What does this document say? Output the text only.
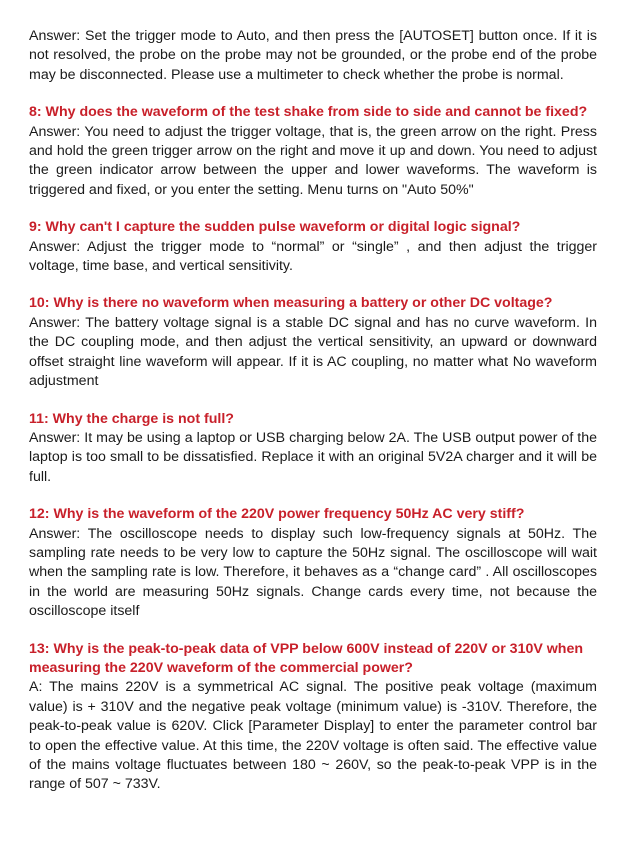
Answer: Set the trigger mode to Auto, and then press the [AUTOSET] button once. If it is not resolved, the probe on the probe may not be grounded, or the probe end of the probe may be disconnected. Please use a multimeter to check whether the probe is normal.

8: Why does the waveform of the test shake from side to side and cannot be fixed?

Answer: You need to adjust the trigger voltage, that is, the green arrow on the right. Press and hold the green trigger arrow on the right and move it up and down. You need to adjust the green indicator arrow between the upper and lower waveforms. The waveform is triggered and fixed, or you enter the setting. Menu turns on "Auto 50%"

9: Why can't I capture the sudden pulse waveform or digital logic signal?

Answer: Adjust the trigger mode to “normal” or “single” , and then adjust the trigger voltage, time base, and vertical sensitivity.

10: Why is there no waveform when measuring a battery or other DC voltage?

Answer: The battery voltage signal is a stable DC signal and has no curve waveform. In the DC coupling mode, and then adjust the vertical sensitivity, an upward or downward offset straight line waveform will appear. If it is AC coupling, no matter what No waveform adjustment

11: Why the charge is not full?

Answer: It may be using a laptop or USB charging below 2A. The USB output power of the laptop is too small to be dissatisfied. Replace it with an original 5V2A charger and it will be full.

12: Why is the waveform of the 220V power frequency 50Hz AC very stiff?

Answer: The oscilloscope needs to display such low-frequency signals at 50Hz. The sampling rate needs to be very low to capture the 50Hz signal. The oscilloscope will wait when the sampling rate is low. Therefore, it behaves as a “change card” . All oscilloscopes in the world are measuring 50Hz signals. Change cards every time, not because the oscilloscope itself

13: Why is the peak-to-peak data of VPP below 600V instead of 220V or 310V when measuring the 220V waveform of the commercial power?

A: The mains 220V is a symmetrical AC signal. The positive peak voltage (maximum value) is + 310V and the negative peak voltage (minimum value) is -310V. Therefore, the peak-to-peak value is 620V. Click [Parameter Display] to enter the parameter control bar to open the effective value. At this time, the 220V voltage is often said. The effective value of the mains voltage fluctuates between 180 ~ 260V, so the peak-to-peak VPP is in the range of 507 ~ 733V.
